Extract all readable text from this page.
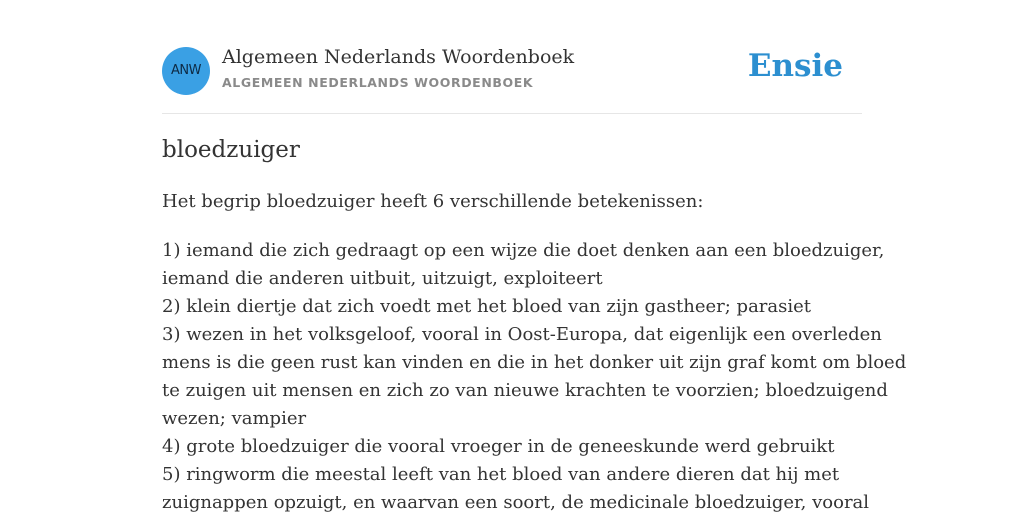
ANW
Algemeen Nederlands Woordenboek
ALGEMEEN NEDERLANDS WOORDENBOEK	Ensie
bloedzuiger

Het begrip bloedzuiger heeft 6 verschillende betekenissen:

1) iemand die zich gedraagt op een wijze die doet denken aan een bloedzuiger,
iemand die anderen uitbuit, uitzuigt, exploiteert
2) klein diertje dat zich voedt met het bloed van zijn gastheer; parasiet
3) wezen in het volksgeloof, vooral in Oost-Europa, dat eigenlijk een overleden
mens is die geen rust kan vinden en die in het donker uit zijn graf komt om bloed
te zuigen uit mensen en zich zo van nieuwe krachten te voorzien; bloedzuigend
wezen; vampier
4) grote bloedzuiger die vooral vroeger in de geneeskunde werd gebruikt
5) ringworm die meestal leeft van het bloed van andere dieren dat hij met
zuignappen opzuigt, en waarvan een soort, de medicinale bloedzuiger, vooral
